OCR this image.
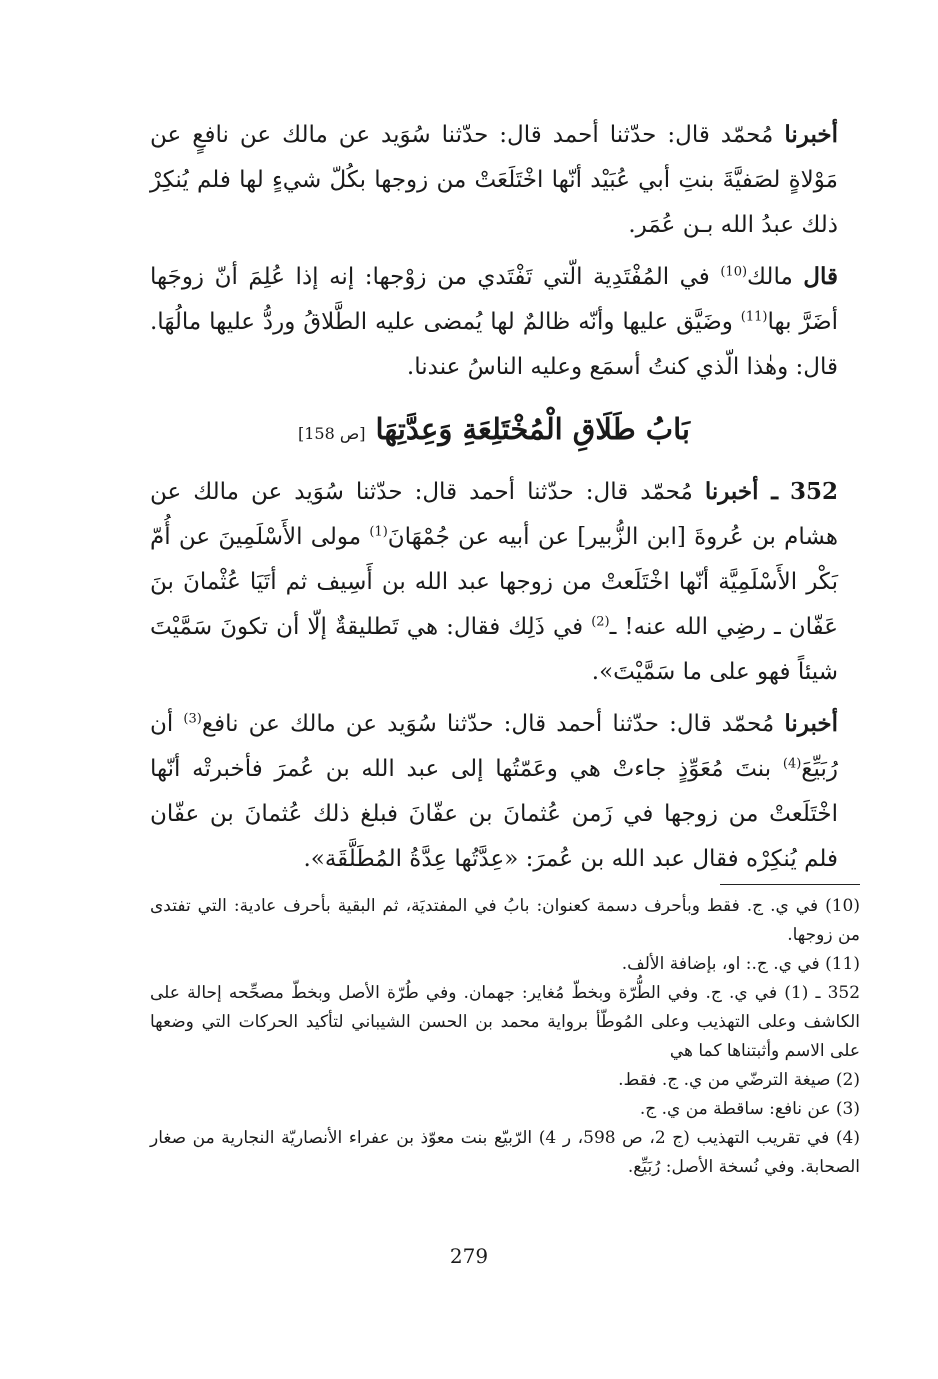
أخبرنا مُحمّد قال: حدّثنا أحمد قال: حدّثنا سُوَيد عن مالك عن نافعٍ عن مَوْلاةٍ لصَفيَّةَ بنتِ أبي عُبَيْد أنّها اخْتَلَعَتْ من زوجها بكُلّ شيءٍ لها فلم يُنكِرْ ذلك عبدُ الله بـن عُمَر.

قال مالك$^{(10)}$ في المُفْتَدِية الّتي تَفْتَدي من زوْجها: إنه إذا عُلِمَ أنّ زوجَها أضَرَّ بها$^{(11)}$ وضَيَّق عليها وأنّه ظالمٌ لها يُمضى عليه الطَّلاقُ وردُّ عليها مالُهَا. قال: وهٰذا الّذي كنتُ أسمَع وعليه الناسُ عندنا.

بَابُ طَلَاقِ الْمُخْتَلِعَةِ وَعِدَّتِهَا [ص 158]

352 ـ أخبرنا مُحمّد قال: حدّثنا أحمد قال: حدّثنا سُوَيد عن مالك عن هشام بن عُروةَ [ابن الزُّبير] عن أبيه عن جُمْهَانَ$^{(1)}$ مولى الأَسْلَمِينَ عن أُمّ بَكْر الأَسْلَمِيَّة أنّها اخْتَلَعتْ من زوجها عبد الله بن أَسِيف ثم أتَيَا عُثْمانَ بنَ عَفّان ـ رضِي الله عنه! ـ$^{(2)}$ في ذَلِك فقال: هي تَطليقةٌ إلّا أن تكونَ سَمَّيْتَ شيئاً فهو على ما سَمَّيْتَ».

أخبرنا مُحمّد قال: حدّثنا أحمد قال: حدّثنا سُوَيد عن مالك عن نافع$^{(3)}$ أن رُبَيِّعَ$^{(4)}$ بنتَ مُعَوِّذٍ جاءتْ هي وعَمّتُها إلى عبد الله بن عُمرَ فأخبرتْه أنّها اخْتَلَعتْ من زوجها في زَمن عُثمانَ بن عفّانَ فبلغ ذلك عُثمانَ بن عفّان فلم يُنكِرْه فقال عبد الله بن عُمرَ: «عِدَّتُها عِدَّةُ المُطَلَّقَة».

(10) في ي. ج. فقط وبأحرف دسمة كعنوان: بابُ في المفتديَة، ثم البقية بأحرف عادية: التي تفتدى من زوجها.

(11) في ي. ج.: او، بإضافة الألف.

352 ـ (1) في ي. ج. وفي الطُّرّة وبخطّ مُغاير: جهمان. وفي طُرّة الأصل وبخطّ مصحِّحه إحالة على الكاشف وعلى التهذيب وعلى المُوطّأ برواية محمد بن الحسن الشيباني لتأكيد الحركات التي وضعها على الاسم وأثبتناها كما هي

(2) صيغة الترضّي من ي. ج. فقط.

(3) عن نافع: ساقطة من ي. ج.

(4) في تقريب التهذيب (ج 2، ص 598، ر 4) الرّبيّع بنت معوّذ بن عفراء الأنصاريّة النجارية من صغار الصحابة. وفي نُسخة الأصل: رُبَيِّع.

279
